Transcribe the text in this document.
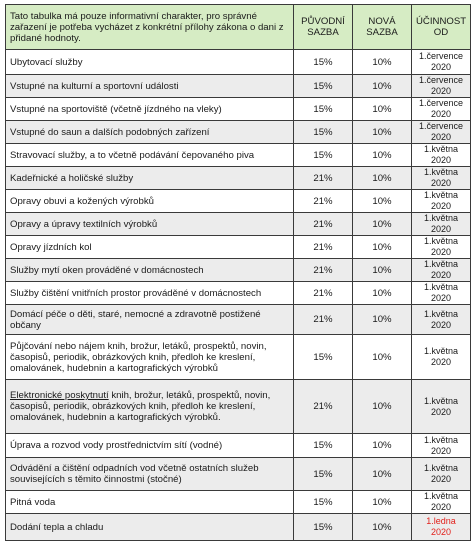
Tato tabulka má pouze informativní charakter, pro správné zařazení je potřeba vycházet z konkrétní přílohy zákona o dani z přidané hodnoty.	PŮVODNÍ SAZBA	NOVÁ SAZBA	ÚČINNOST OD
Ubytovací služby	15%	10%	1.července 2020
Vstupné na kulturní a sportovní události	15%	10%	1.července 2020
Vstupné na sportoviště (včetně jízdného na vleky)	15%	10%	1.července 2020
Vstupné do saun a dalších podobných zařízení	15%	10%	1.července 2020
Stravovací služby, a to včetně podávání čepovaného piva	15%	10%	1.května 2020
Kadeřnické a holičské služby	21%	10%	1.května 2020
Opravy obuvi a kožených výrobků	21%	10%	1.května 2020
Opravy a úpravy textilních výrobků	21%	10%	1.května 2020
Opravy jízdních kol	21%	10%	1.května 2020
Služby mytí oken prováděné v domácnostech	21%	10%	1.května 2020
Služby čištění vnitřních prostor prováděné v domácnostech	21%	10%	1.května 2020
Domácí péče o děti, staré, nemocné a zdravotně postižené občany	21%	10%	1.května 2020
Půjčování nebo nájem knih, brožur, letáků, prospektů, novin, časopisů, periodik, obrázkových knih, předloh ke kreslení, omalovánek, hudebnin a kartografických výrobků	15%	10%	1.května 2020
Elektronické poskytnutí knih, brožur, letáků, prospektů, novin, časopisů, periodik, obrázkových knih, předloh ke kreslení, omalovánek, hudebnin a kartografických výrobků.	21%	10%	1.května 2020
Úprava a rozvod vody prostřednictvím sítí (vodné)	15%	10%	1.května 2020
Odvádění a čištění odpadních vod včetně ostatních služeb souvisejících s těmito činnostmi (stočné)	15%	10%	1.května 2020
Pitná voda	15%	10%	1.května 2020
Dodání tepla a chladu	15%	10%	1.ledna 2020
